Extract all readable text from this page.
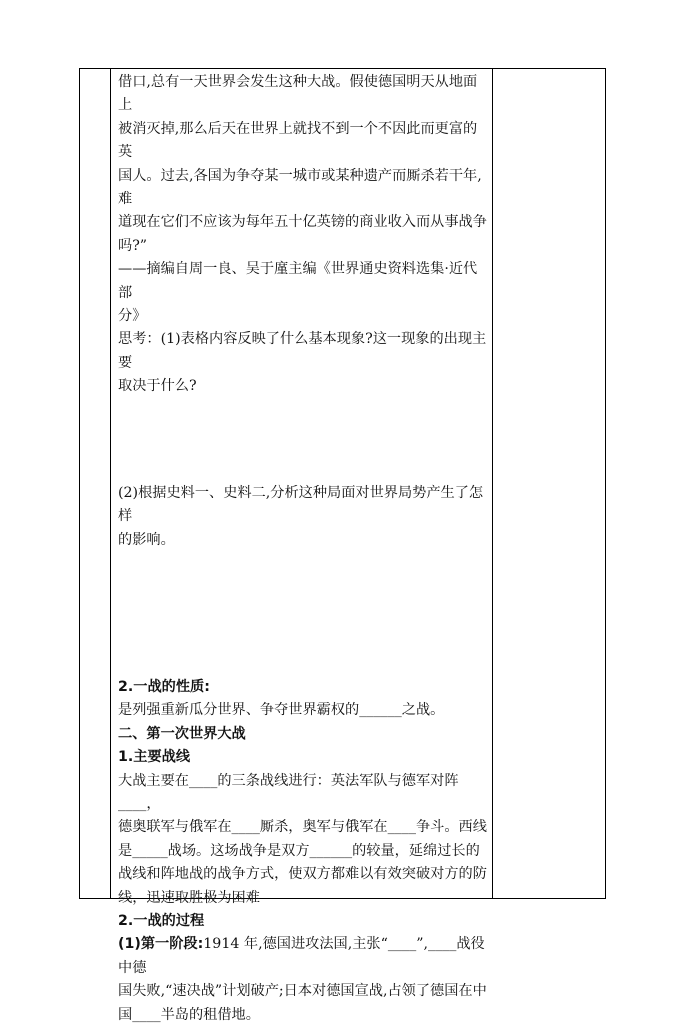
借口,总有一天世界会发生这种大战。假使德国明天从地面上

被消灭掉,那么后天在世界上就找不到一个不因此而更富的英

国人。过去,各国为争夺某一城市或某种遗产而厮杀若干年,难

道现在它们不应该为每年五十亿英镑的商业收入而从事战争

吗?”

——摘编自周一良、吴于廑主编《世界通史资料选集·近代部

分》

思考：(1)表格内容反映了什么基本现象?这一现象的出现主要

取决于什么?

(2)根据史料一、史料二,分析这种局面对世界局势产生了怎样

的影响。

2.一战的性质:

是列强重新瓜分世界、争夺世界霸权的______之战。

二、第一次世界大战

1.主要战线

大战主要在____的三条战线进行：英法军队与德军对阵____，

德奥联军与俄军在____厮杀，奥军与俄军在____争斗。西线

是_____战场。这场战争是双方______的较量，延绵过长的

战线和阵地战的战争方式，使双方都难以有效突破对方的防

线，迅速取胜极为困难

2.一战的过程

(1)第一阶段:1914 年,德国进攻法国,主张“____”,____战役中德

国失败,“速决战”计划破产;日本对德国宣战,占领了德国在中

国____半岛的租借地。
